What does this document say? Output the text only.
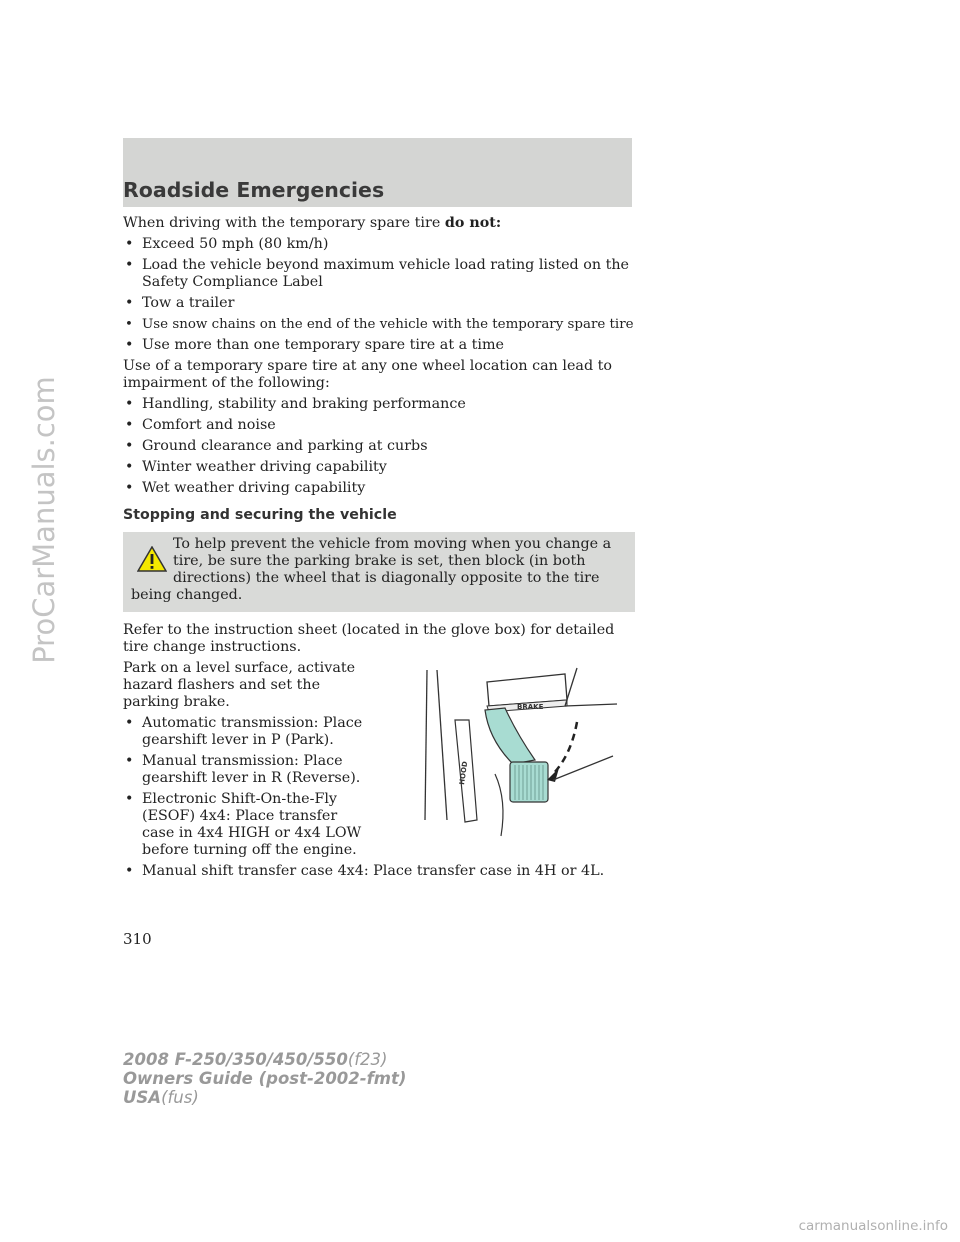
ProCarManuals.com
Roadside Emergencies

When driving with the temporary spare tire do not:

• Exceed 50 mph (80 km/h)
• Load the vehicle beyond maximum vehicle load rating listed on the Safety Compliance Label
• Tow a trailer
• Use snow chains on the end of the vehicle with the temporary spare tire
• Use more than one temporary spare tire at a time

Use of a temporary spare tire at any one wheel location can lead to impairment of the following:

• Handling, stability and braking performance
• Comfort and noise
• Ground clearance and parking at curbs
• Winter weather driving capability
• Wet weather driving capability
Stopping and securing the vehicle

To help prevent the vehicle from moving when you change a tire, be sure the parking brake is set, then block (in both directions) the wheel that is diagonally opposite to the tire being changed.

Refer to the instruction sheet (located in the glove box) for detailed tire change instructions.

Park on a level surface, activate hazard flashers and set the parking brake.

• Automatic transmission: Place gearshift lever in P (Park).
• Manual transmission: Place gearshift lever in R (Reverse).
• Electronic Shift-On-the-Fly (ESOF) 4x4: Place transfer case in 4x4 HIGH or 4x4 LOW before turning off the engine.
BRAKE
HOOD
• Manual shift transfer case 4x4: Place transfer case in 4H or 4L.
310
2008 F-250/350/450/550(f23)
Owners Guide (post-2002-fmt)
USA(fus)
carmanualsonline.info
